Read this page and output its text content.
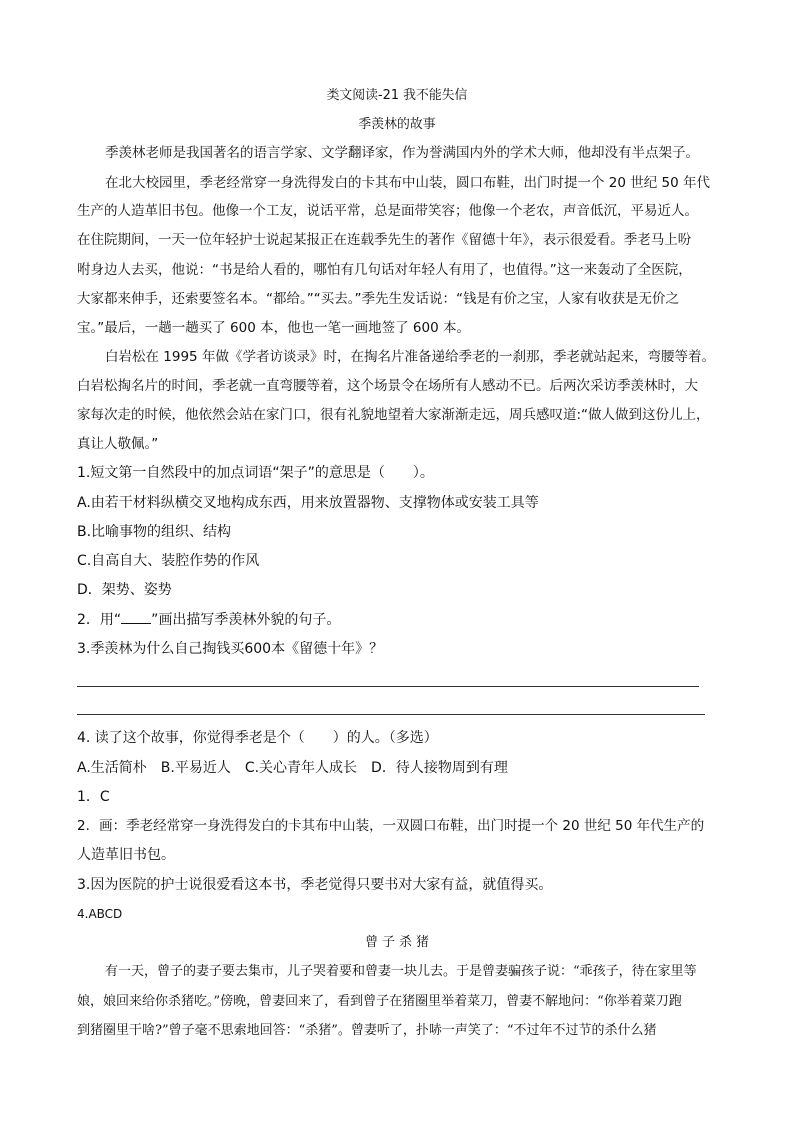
类文阅读-21 我不能失信
季羡林的故事
季羡林老师是我国著名的语言学家、文学翻译家，作为誉满国内外的学术大师，他却没有半点架子。
在北大校园里，季老经常穿一身洗得发白的卡其布中山装，圆口布鞋，出门时提一个 20 世纪 50 年代
生产的人造革旧书包。他像一个工友，说话平常，总是面带笑容；他像一个老农，声音低沉，平易近人。
在住院期间，一天一位年轻护士说起某报正在连载季先生的著作《留德十年》，表示很爱看。季老马上吩
咐身边人去买，他说：“书是给人看的，哪怕有几句话对年轻人有用了，也值得。”这一来轰动了全医院，
大家都来伸手，还索要签名本。“都给。”“买去。”季先生发话说：“钱是有价之宝，人家有收获是无价之
宝。”最后，一趟一趟买了 600 本，他也一笔一画地签了 600 本。
白岩松在 1995 年做《学者访谈录》时，在掏名片准备递给季老的一刹那，季老就站起来，弯腰等着。
白岩松掏名片的时间，季老就一直弯腰等着，这个场景令在场所有人感动不已。后两次采访季羡林时，大
家每次走的时候，他依然会站在家门口，很有礼貌地望着大家渐渐走远，周兵感叹道:“做人做到这份儿上，
真让人敬佩。”
1.短文第一自然段中的加点词语“架子”的意思是（　　）。
A.由若干材料纵横交叉地构成东西，用来放置器物、支撑物体或安装工具等
B.比喻事物的组织、结构
C.自高自大、装腔作势的作风
D．架势、姿势
2．用“ ”画出描写季羡林外貌的句子。
3.季羡林为什么自己掏钱买600本《留德十年》？
4. 读了这个故事，你觉得季老是个（　　）的人。（多选）
A.生活简朴　B.平易近人　C.关心青年人成长　D．待人接物周到有理
1．C
2．画：季老经常穿一身洗得发白的卡其布中山装，一双圆口布鞋，出门时提一个 20 世纪 50 年代生产的
人造革旧书包。
3.因为医院的护士说很爱看这本书，季老觉得只要书对大家有益，就值得买。
4.ABCD
曾 子 杀 猪
有一天，曾子的妻子要去集市，儿子哭着要和曾妻一块儿去。于是曾妻骗孩子说：“乖孩子，待在家里等
娘，娘回来给你杀猪吃。”傍晚，曾妻回来了，看到曾子在猪圈里举着菜刀，曾妻不解地问：“你举着菜刀跑
到猪圈里干啥?”曾子毫不思索地回答：“杀猪”。曾妻听了，扑哧一声笑了：“不过年不过节的杀什么猪
